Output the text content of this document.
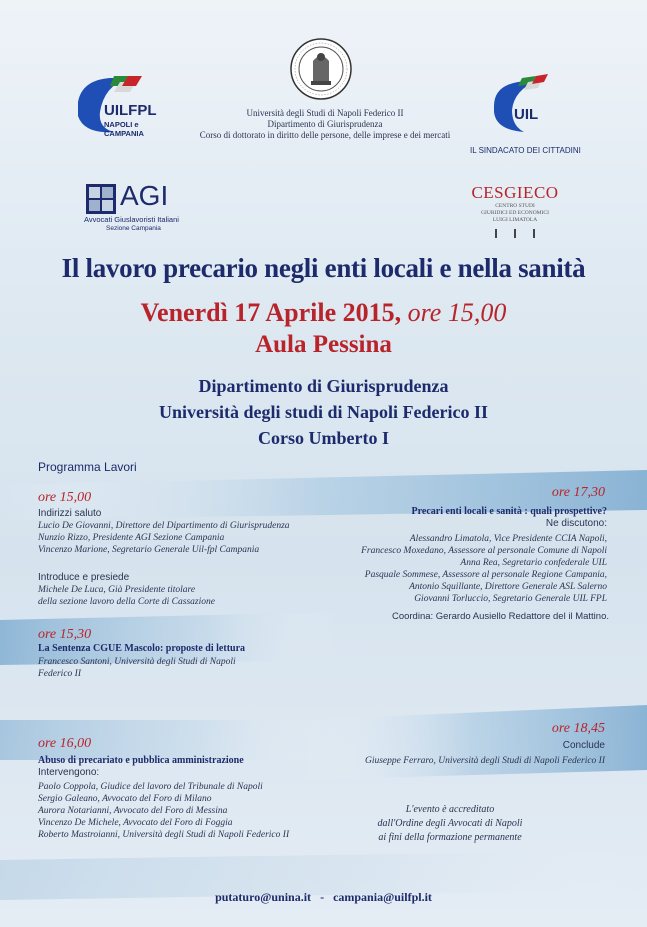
UILFPL
NAPOLI e CAMPANIA
Università degli Studi di Napoli Federico II
Dipartimento di Giurisprudenza
Corso di dottorato in diritto delle persone, delle imprese e dei mercati
UIL
IL SINDACATO DEI CITTADINI
AGI
Avvocati Giuslavoristi Italiani
Sezione Campania
CESGIECO
CENTRO STUDI
GIURIDICI ED ECONOMICI
LUIGI LIMATOLA
Il lavoro precario negli enti locali e nella sanità
Venerdì 17 Aprile 2015, ore 15,00
Aula Pessina
Dipartimento di Giurisprudenza
Università degli studi di Napoli Federico II
Corso Umberto I
Programma Lavori
ore 15,00
Indirizzi saluto
Lucio De Giovanni, Direttore del Dipartimento di Giurisprudenza
Nunzio Rizzo, Presidente AGI Sezione Campania
Vincenzo Marione, Segretario Generale Uil-fpl Campania
Introduce e presiede
Michele De Luca, Già Presidente titolare
della sezione lavoro della Corte di Cassazione
ore 15,30
La Sentenza CGUE Mascolo: proposte di lettura
Francesco Santoni, Università degli Studi di Napoli
Federico II
ore 16,00
Abuso di precariato e pubblica amministrazione
Intervengono:
Paolo Coppola, Giudice del lavoro del Tribunale di Napoli
Sergio Galeano, Avvocato del Foro di Milano
Aurora Notarianni, Avvocato del Foro di Messina
Vincenzo De Michele, Avvocato del Foro di Foggia
Roberto Mastroianni, Università degli Studi di Napoli Federico II
ore 17,30
Precari enti locali e sanità : quali prospettive?
Ne discutono:
Alessandro Limatola, Vice Presidente CCIA Napoli,
Francesco Moxedano, Assessore al personale Comune di Napoli
Anna Rea, Segretario confederale UIL
Pasquale Sommese, Assessore al personale Regione Campania,
Antonio Squillante, Direttore Generale ASL Salerno
Giovanni Torluccio, Segretario Generale UIL FPL
Coordina: Gerardo Ausiello Redattore del il Mattino.
ore 18,45
Conclude
Giuseppe Ferraro, Università degli Studi di Napoli Federico II
L'evento è accreditato
dall'Ordine degli Avvocati di Napoli
ai fini della formazione permanente
putaturo@unina.it - campania@uilfpl.it
